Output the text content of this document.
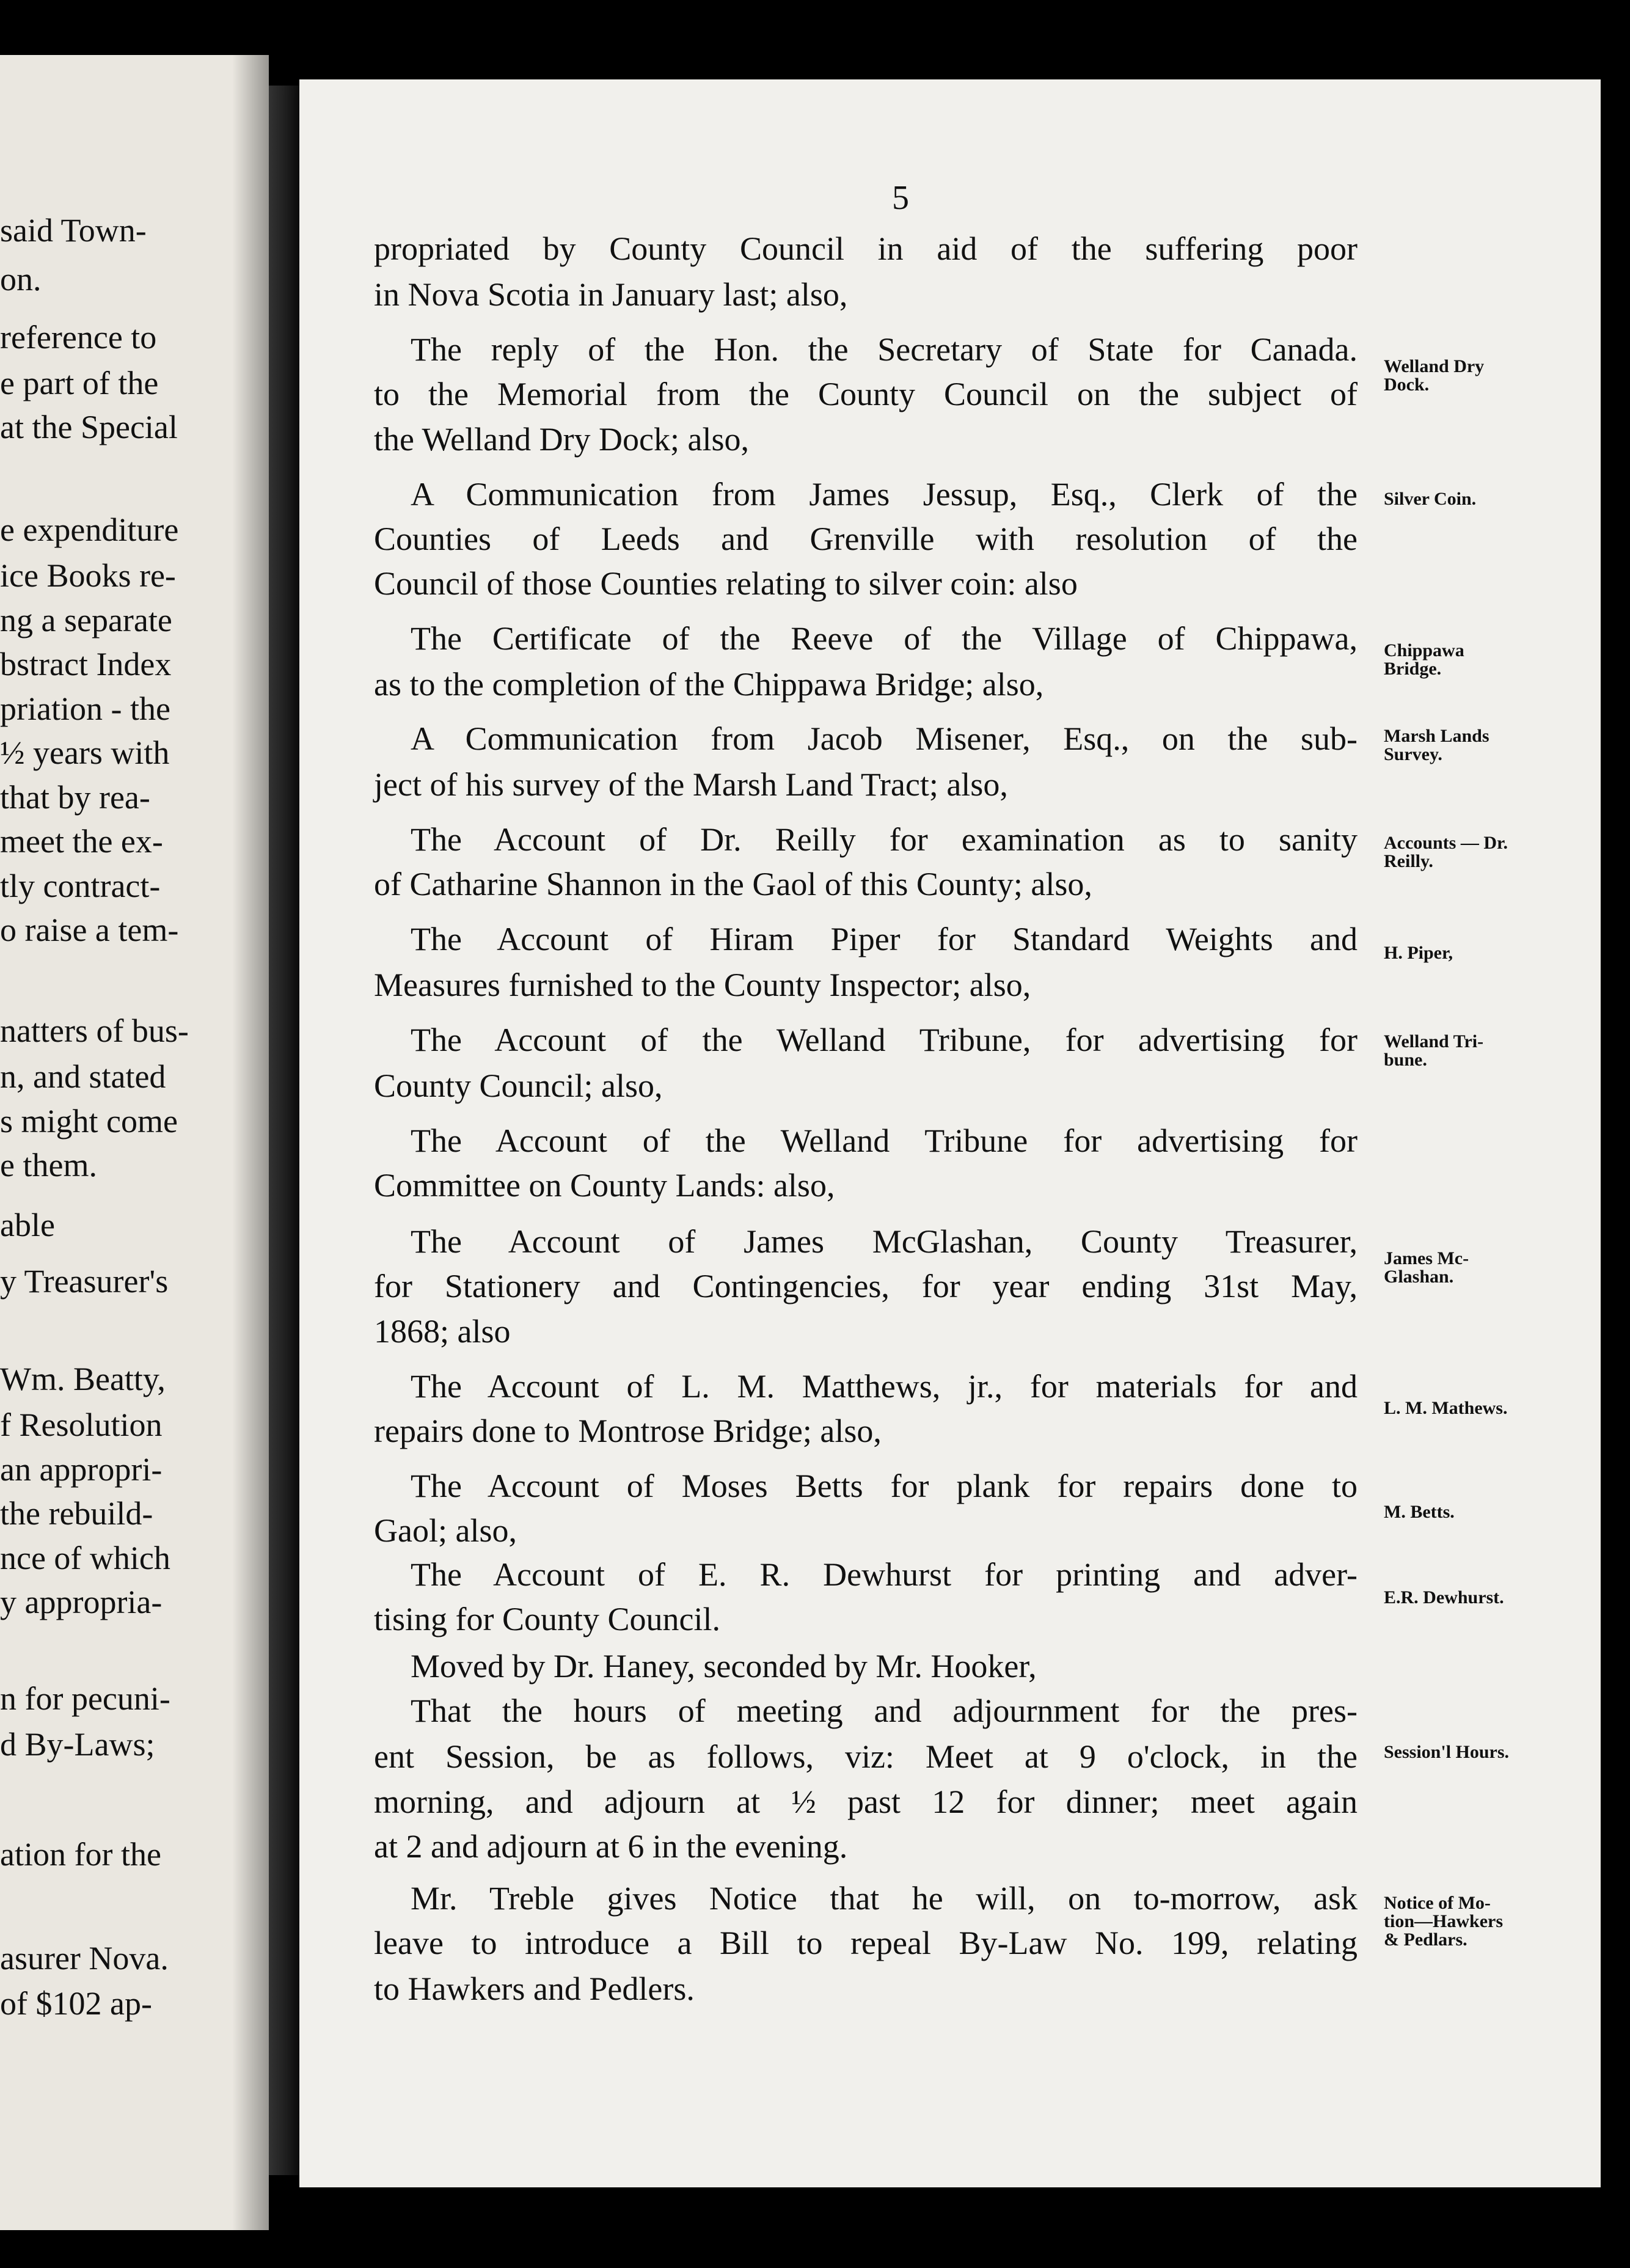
said Town-
on.
reference to
e part of the
at the Special
e expenditure
ice Books re-
ng a separate
bstract Index
priation - the
½ years with
that by rea-
meet the ex-
tly contract-
o raise a tem-
natters of bus-
n, and stated
s might come
e them.
able
y Treasurer's
Wm. Beatty,
f Resolution
an appropri-
the rebuild-
nce of which
y appropria-
n for pecuni-
d By-Laws;
ation for the
asurer Nova.
of $102 ap-
5
propriated by County Council in aid of the suffering poor
in Nova Scotia in January last; also,
The reply of the Hon. the Secretary of State for Canada.
to the Memorial from the County Council on the subject of
the Welland Dry Dock; also,
A Communication from James Jessup, Esq., Clerk of the
Counties of Leeds and Grenville with resolution of the
Council of those Counties relating to silver coin: also
The Certificate of the Reeve of the Village of Chippawa,
as to the completion of the Chippawa Bridge; also,
A Communication from Jacob Misener, Esq., on the sub-
ject of his survey of the Marsh Land Tract; also,
The Account of Dr. Reilly for examination as to sanity
of Catharine Shannon in the Gaol of this County; also,
The Account of Hiram Piper for Standard Weights and
Measures furnished to the County Inspector; also,
The Account of the Welland Tribune, for advertising for
County Council; also,
The Account of the Welland Tribune for advertising for
Committee on County Lands: also,
The Account of James McGlashan, County Treasurer,
for Stationery and Contingencies, for year ending 31st May,
1868; also
The Account of L. M. Matthews, jr., for materials for and
repairs done to Montrose Bridge; also,
The Account of Moses Betts for plank for repairs done to
Gaol; also,
The Account of E. R. Dewhurst for printing and adver-
tising for County Council.
Moved by Dr. Haney, seconded by Mr. Hooker,
That the hours of meeting and adjournment for the pres-
ent Session, be as follows, viz: Meet at 9 o'clock, in the
morning, and adjourn at ½ past 12 for dinner; meet again
at 2 and adjourn at 6 in the evening.
Mr. Treble gives Notice that he will, on to-morrow, ask
leave to introduce a Bill to repeal By-Law No. 199, relating
to Hawkers and Pedlers.
Welland Dry
Dock.
Silver Coin.
Chippawa
Bridge.
Marsh Lands
Survey.
Accounts — Dr.
Reilly.
H. Piper,
Welland Tri-
bune.
James Mc-
Glashan.
L. M. Mathews.
M. Betts.
E.R. Dewhurst.
Session'l Hours.
Notice of Mo-
tion—Hawkers
& Pedlars.
